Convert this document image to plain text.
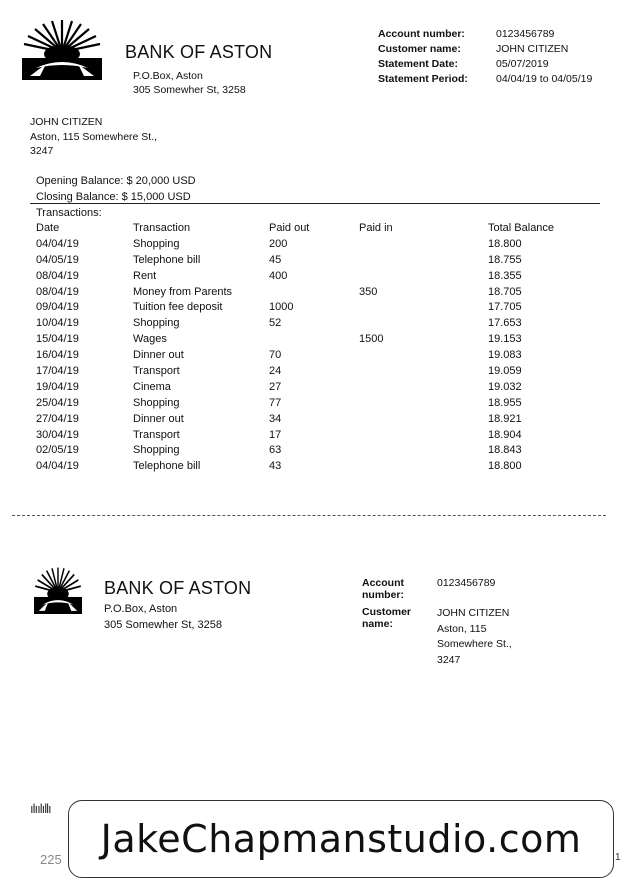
BANK OF ASTON
P.O.Box, Aston
305 Somewher St, 3258
Account number:	0123456789
Customer name:	JOHN CITIZEN
Statement Date:	05/07/2019
Statement Period:	04/04/19 to 04/05/19
JOHN CITIZEN
Aston, 115 Somewhere St.,
3247
Opening Balance: $ 20,000 USD
Closing Balance: $ 15,000 USD
Transactions:
Date	Transaction	Paid out	Paid in	Total Balance
04/04/19	Shopping	200		18.800
04/05/19	Telephone bill	45		18.755
08/04/19	Rent	400		18.355
08/04/19	Money from Parents		350	18.705
09/04/19	Tuition fee deposit	1000		17.705
10/04/19	Shopping	52		17.653
15/04/19	Wages		1500	19.153
16/04/19	Dinner out	70		19.083
17/04/19	Transport	24		19.059
19/04/19	Cinema	27		19.032
25/04/19	Shopping	77		18.955
27/04/19	Dinner out	34		18.921
30/04/19	Transport	17		18.904
02/05/19	Shopping	63		18.843
04/04/19	Telephone bill	43		18.800
BANK OF ASTON
P.O.Box, Aston
305 Somewher St, 3258
Account
number:
0123456789
Customer
name:
JOHN CITIZEN
Aston, 115
Somewhere St.,
3247
ılıılıllı
225	1
JakeChapmanstudio.com
